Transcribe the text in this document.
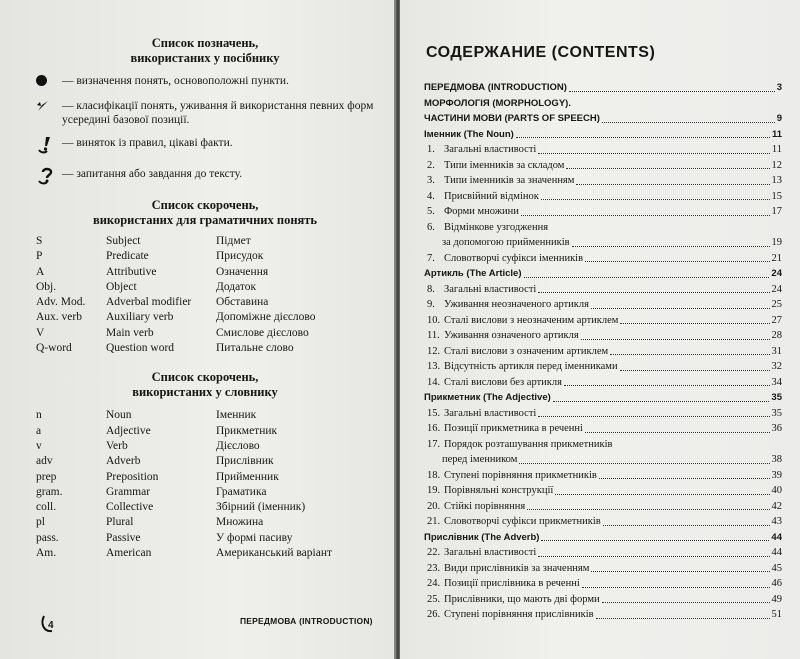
Список позначень,
використаних у посібнику
— визначення понять, основоположні пункти.
— класифікації понять, уживання й використання певних форм усередині базової позиції.
— виняток із правил, цікаві факти.
— запитання або завдання до тексту.
Список скорочень,
використаних для граматичних понять
S	Subject	Підмет
P	Predicate	Присудок
A	Attributive	Означення
Obj.	Object	Додаток
Adv. Mod.	Adverbal modifier	Обставина
Aux. verb	Auxiliary verb	Допоміжне дієслово
V	Main verb	Смислове дієслово
Q-word	Question word	Питальне слово
Список скорочень,
використаних у словнику
n	Noun	Іменник
a	Adjective	Прикметник
v	Verb	Дієслово
adv	Adverb	Прислівник
prep	Preposition	Прийменник
gram.	Grammar	Граматика
coll.	Collective	Збірний (іменник)
pl	Plural	Множина
pass.	Passive	У формі пасиву
Am.	American	Американський варіант
4
СОДЕРЖАНИЕ (CONTENTS)
ПЕРЕДМОВА (INTRODUCTION)	3
МОРФОЛОГІЯ (MORPHOLOGY).
ЧАСТИНИ МОВИ (PARTS OF SPEECH)	9
Іменник (The Noun)	11
1. Загальні властивості	11
2. Типи іменників за складом	12
3. Типи іменників за значенням	13
4. Присвійний відмінок	15
5. Форми множини	17
6. Відмінкове узгодження
за допомогою прийменників	19
7. Словотворчі суфікси іменників	21
Артикль (The Article)	24
8. Загальні властивості	24
9. Уживання неозначеного артикля	25
10. Сталі вислови з неозначеним артиклем	27
11. Уживання означеного артикля	28
12. Сталі вислови з означеним артиклем	31
13. Відсутність артикля перед іменниками	32
14. Сталі вислови без артикля	34
Прикметник (The Adjective)	35
15. Загальні властивості	35
16. Позиції прикметника в реченні	36
17. Порядок розташування прикметників
перед іменником	38
18. Ступені порівняння прикметників	39
19. Порівняльні конструкції	40
20. Стійкі порівняння	42
21. Словотворчі суфікси прикметників	43
Прислівник (The Adverb)	44
22. Загальні властивості	44
23. Види прислівників за значенням	45
24. Позиції прислівника в реченні	46
25. Прислівники, що мають дві форми	49
26. Ступені порівняння прислівників	51
ПЕРЕДМОВА (INTRODUCTION)
